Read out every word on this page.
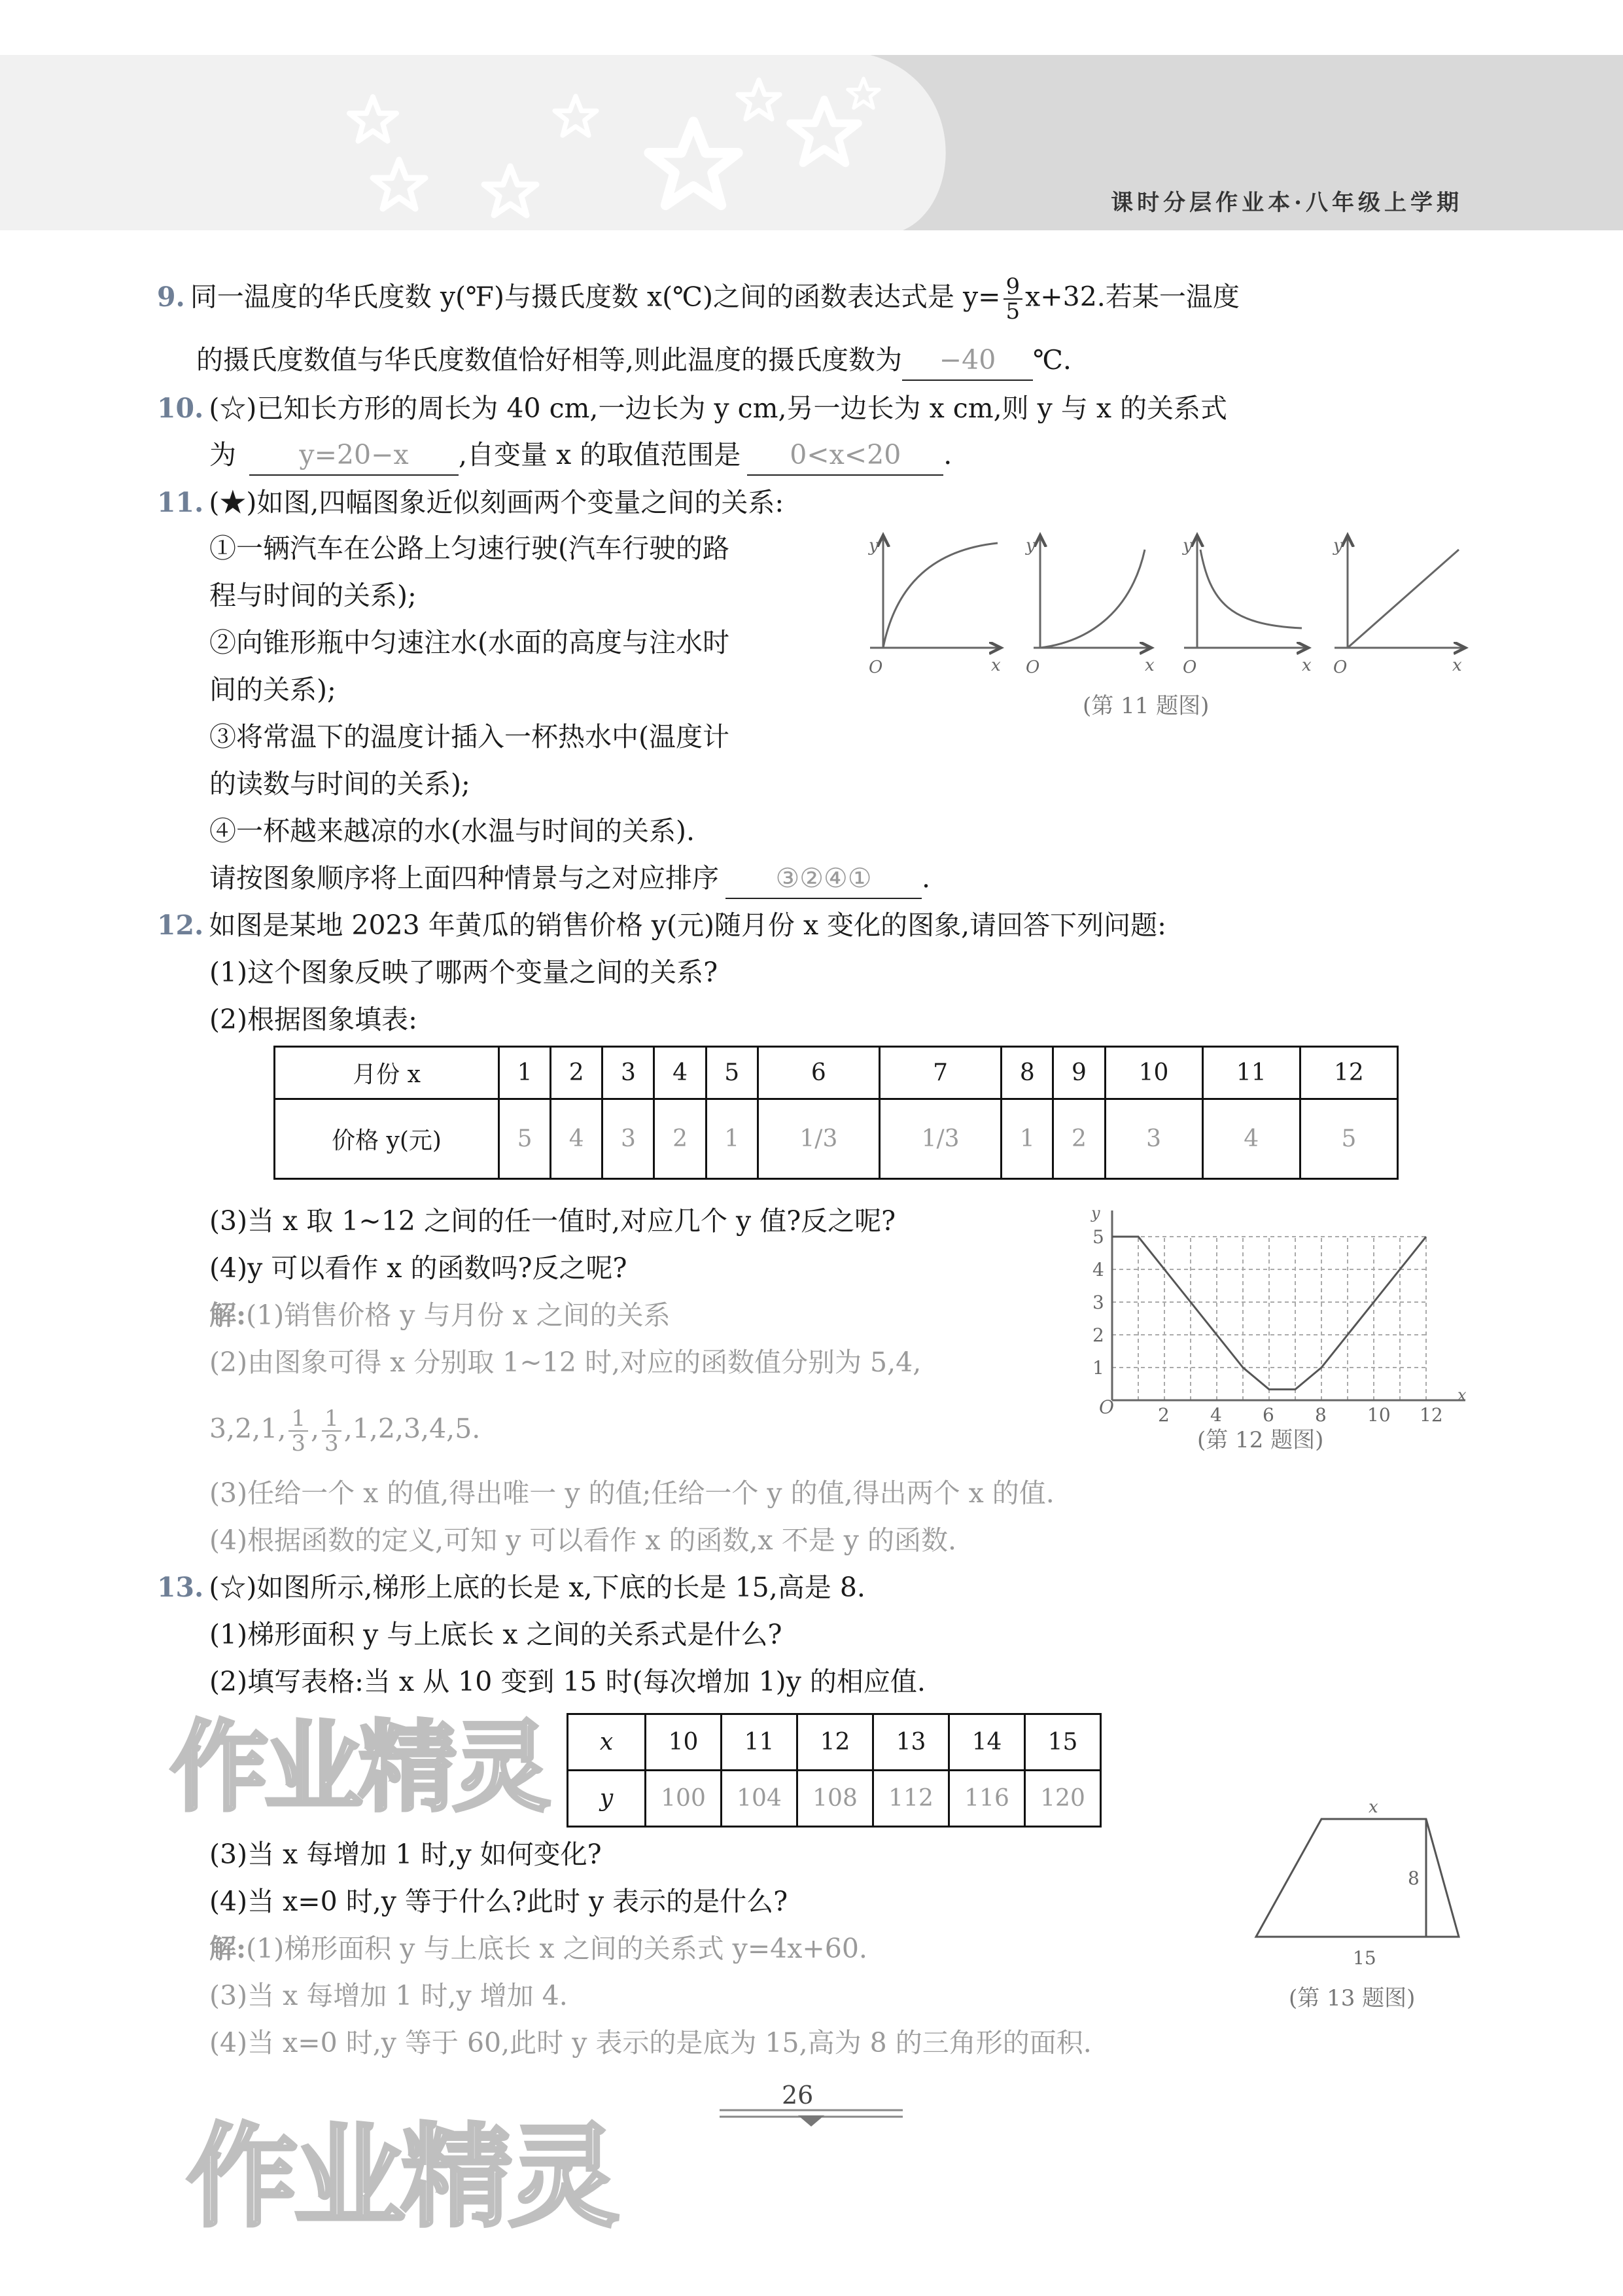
课时分层作业本·八年级上学期
9. 同一温度的华氏度数 y(℉)与摄氏度数 x(℃)之间的函数表达式是 $y= \frac{9}{5} x+32$.若某一温度
的摄氏度数值与华氏度数值恰好相等,则此温度的摄氏度数为 −40 ℃.
10. (☆)已知长方形的周长为 40 cm,一边长为 y cm,另一边长为 x cm,则 y 与 x 的关系式
为 y=20−x ,自变量 x 的取值范围是 0<x<20 .
11. (★)如图,四幅图象近似刻画两个变量之间的关系:
①一辆汽车在公路上匀速行驶(汽车行驶的路
程与时间的关系);
②向锥形瓶中匀速注水(水面的高度与注水时
间的关系);
③将常温下的温度计插入一杯热水中(温度计
的读数与时间的关系);
④一杯越来越凉的水(水温与时间的关系).
请按图象顺序将上面四种情景与之对应排序 ③②④① .
y
O	x
y
O	x
y
O	x
y
O	x
(第 11 题图)
12. 如图是某地 2023 年黄瓜的销售价格 y(元)随月份 x 变化的图象,请回答下列问题:
(1)这个图象反映了哪两个变量之间的关系?
(2)根据图象填表:
月份 x	1	2	3	4	5	6	7	8	9	10	11	12
价格 y(元)	5	4	3	2	1	1/3	1/3	1	2	3	4	5
(3)当 x 取 1~12 之间的任一值时,对应几个 y 值?反之呢?
(4)y 可以看作 x 的函数吗?反之呢?
解:(1)销售价格 y 与月份 x 之间的关系
(2)由图象可得 x 分别取 1~12 时,对应的函数值分别为 5,4,
3,2,1, $\frac{1}{3}$ , $\frac{1}{3} ,1,2,3,4,5$.
(3)任给一个 x 的值,得出唯一 y 的值;任给一个 y 的值,得出两个 x 的值.
(4)根据函数的定义,可知 y 可以看作 x 的函数,x 不是 y 的函数.
2 4 6 8 10 12
1
2
3
4
5
O
y
x
(第 12 题图)
13. (☆)如图所示,梯形上底的长是 x,下底的长是 15,高是 8.
(1)梯形面积 y 与上底长 x 之间的关系式是什么?
(2)填写表格:当 x 从 10 变到 15 时(每次增加 1)y 的相应值.
x	10	11	12	13	14	15
y	100	104	108	112	116	120
(3)当 x 每增加 1 时,y 如何变化?
(4)当 x=0 时,y 等于什么?此时 y 表示的是什么?
解:(1)梯形面积 y 与上底长 x 之间的关系式 y=4x+60.
(3)当 x 每增加 1 时,y 增加 4.
(4)当 x=0 时,y 等于 60,此时 y 表示的是底为 15,高为 8 的三角形的面积.
x
8
15
(第 13 题图)
作业精灵
作业精灵
26
